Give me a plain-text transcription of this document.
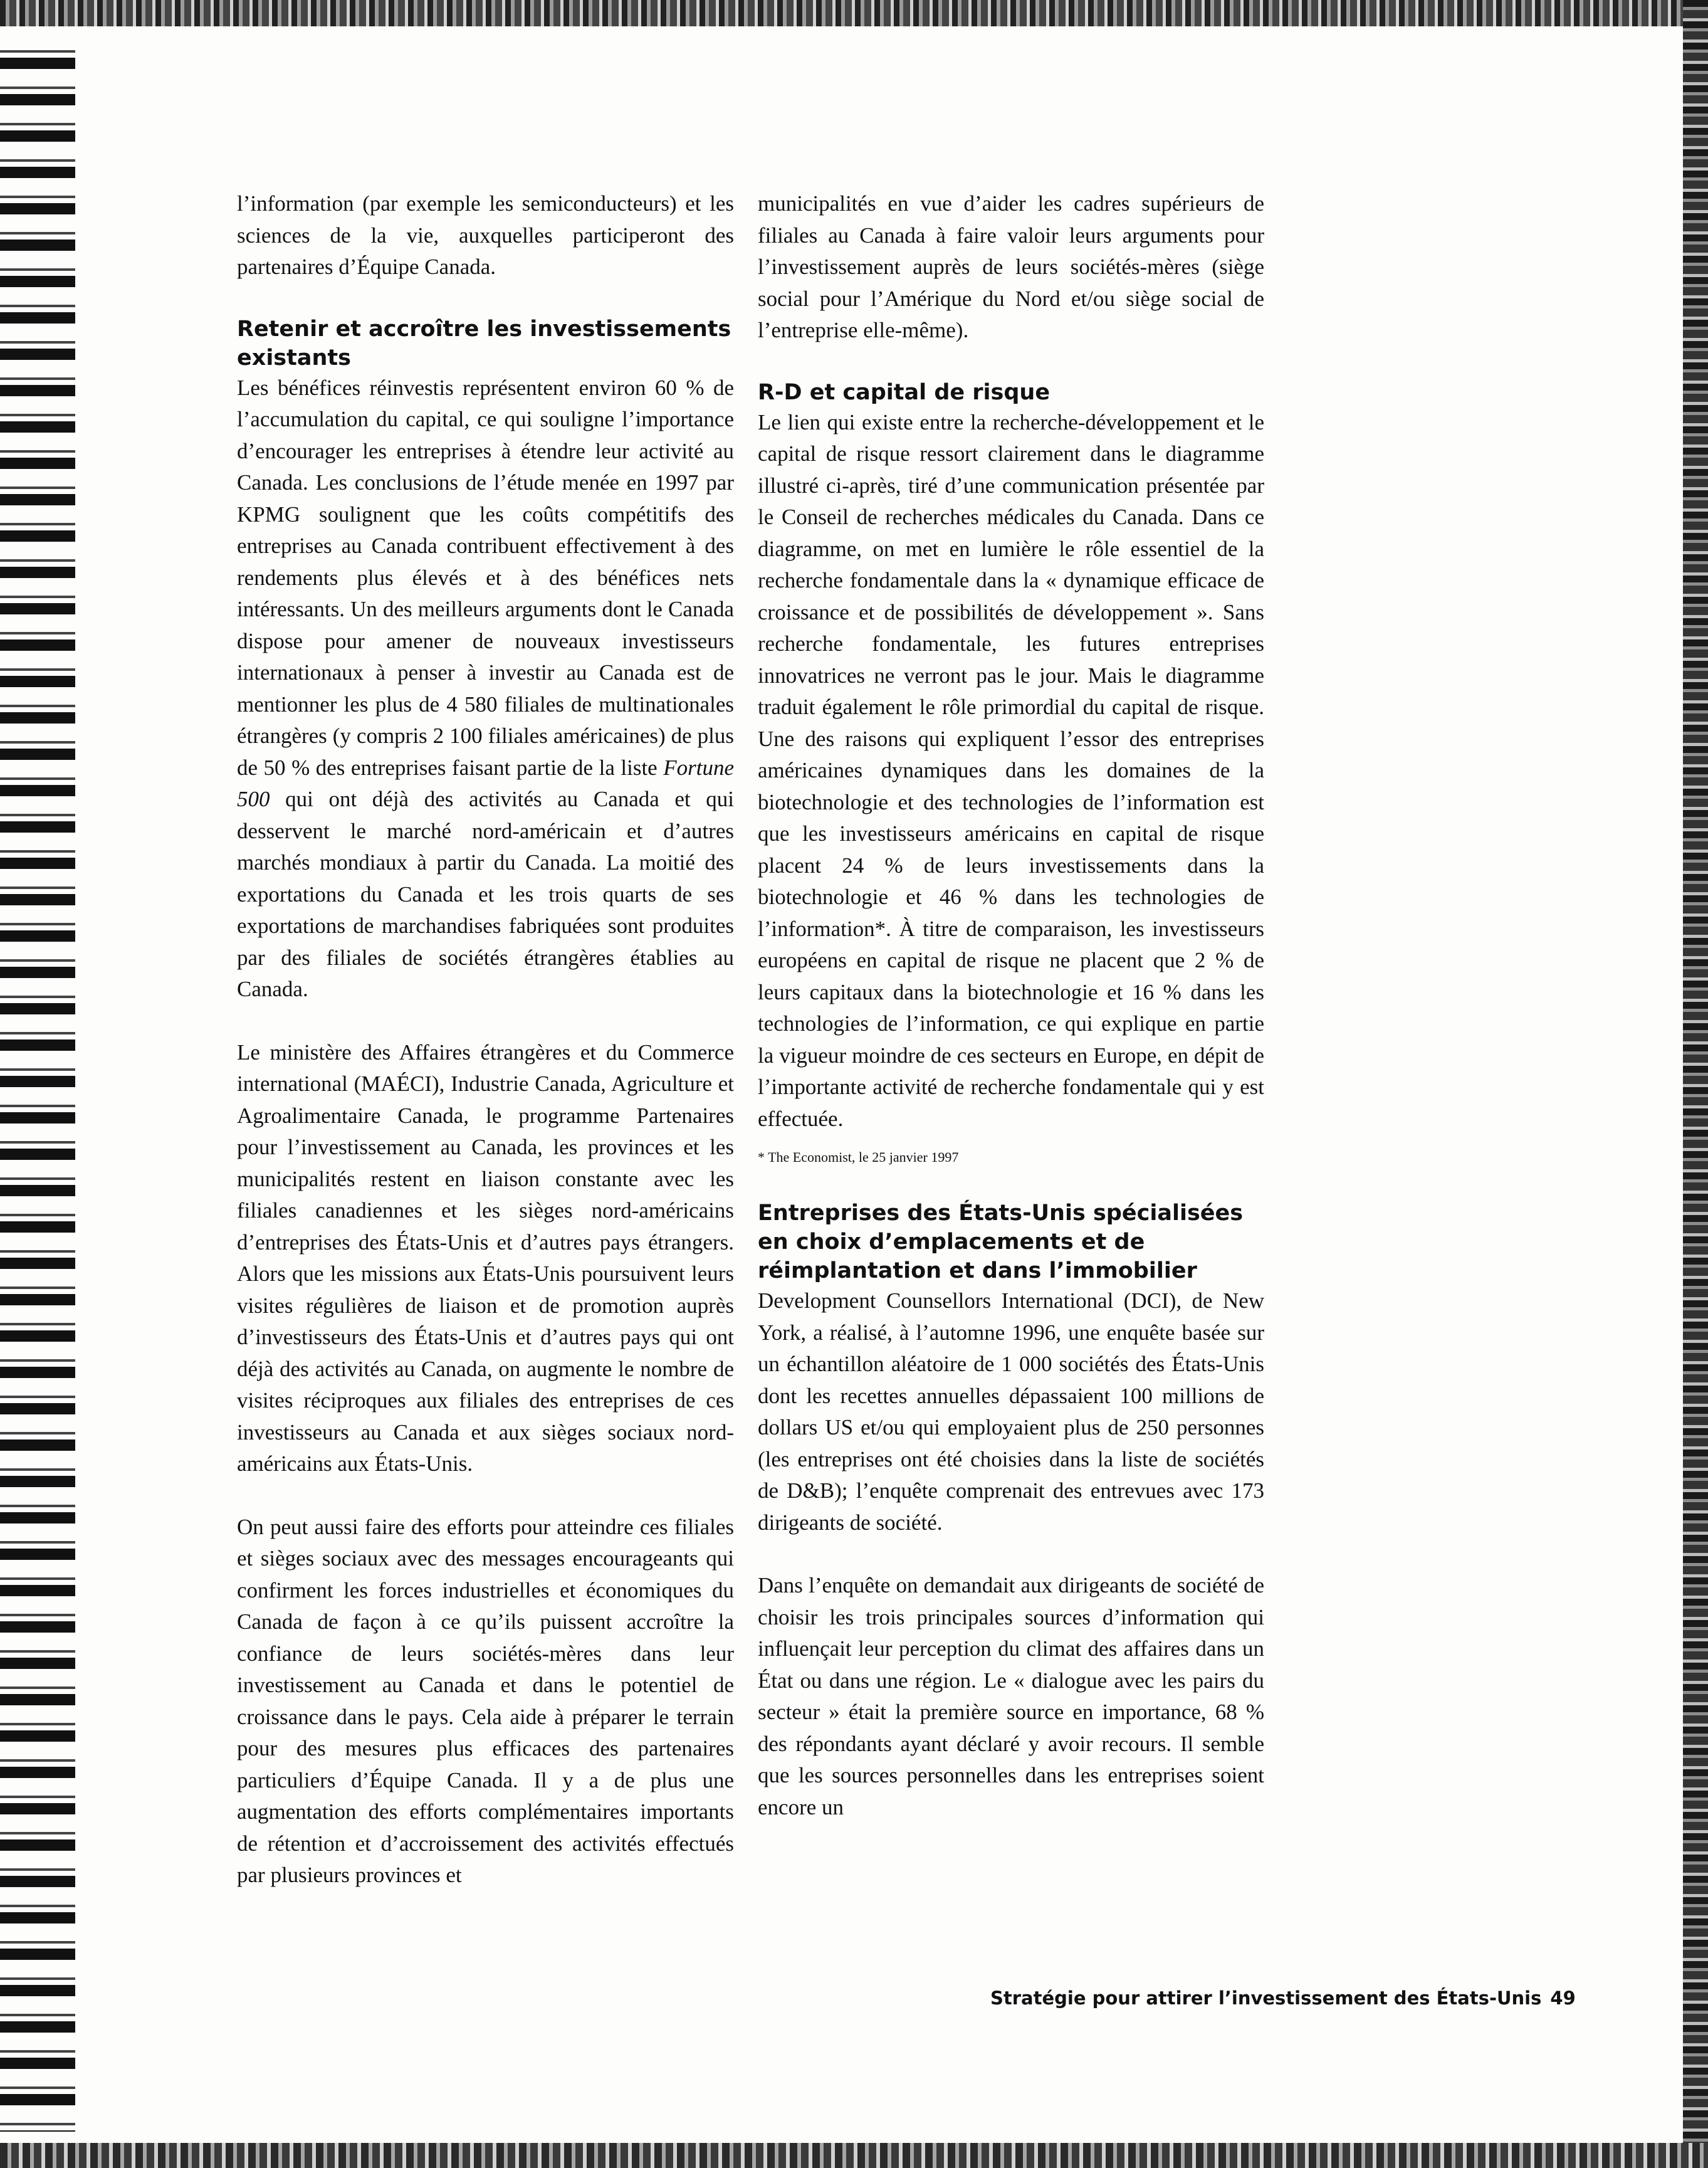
l’information (par exemple les semiconducteurs) et les sciences de la vie, auxquelles participeront des partenaires d’Équipe Canada.

Retenir et accroître les investissements existants

Les bénéfices réinvestis représentent environ 60 % de l’accumulation du capital, ce qui souligne l’importance d’encourager les entreprises à étendre leur activité au Canada. Les conclusions de l’étude menée en 1997 par KPMG soulignent que les coûts compétitifs des entreprises au Canada contribuent effectivement à des rendements plus élevés et à des bénéfices nets intéressants. Un des meilleurs arguments dont le Canada dispose pour amener de nouveaux investisseurs internationaux à penser à investir au Canada est de mentionner les plus de 4 580 filiales de multinationales étrangères (y compris 2 100 filiales américaines) de plus de 50 % des entreprises faisant partie de la liste Fortune 500 qui ont déjà des activités au Canada et qui desservent le marché nord-américain et d’autres marchés mondiaux à partir du Canada. La moitié des exportations du Canada et les trois quarts de ses exportations de marchandises fabriquées sont produites par des filiales de sociétés étrangères établies au Canada.

Le ministère des Affaires étrangères et du Commerce international (MAÉCI), Industrie Canada, Agriculture et Agroalimentaire Canada, le programme Partenaires pour l’investissement au Canada, les provinces et les municipalités restent en liaison constante avec les filiales canadiennes et les sièges nord-américains d’entreprises des États-Unis et d’autres pays étrangers. Alors que les missions aux États-Unis poursuivent leurs visites régulières de liaison et de promotion auprès d’investisseurs des États-Unis et d’autres pays qui ont déjà des activités au Canada, on augmente le nombre de visites réciproques aux filiales des entreprises de ces investisseurs au Canada et aux sièges sociaux nord-américains aux États-Unis.

On peut aussi faire des efforts pour atteindre ces filiales et sièges sociaux avec des messages encourageants qui confirment les forces industrielles et économiques du Canada de façon à ce qu’ils puissent accroître la confiance de leurs sociétés-mères dans leur investissement au Canada et dans le potentiel de croissance dans le pays. Cela aide à préparer le terrain pour des mesures plus efficaces des partenaires particuliers d’Équipe Canada. Il y a de plus une augmentation des efforts complémentaires importants de rétention et d’accroissement des activités effectués par plusieurs provinces et

municipalités en vue d’aider les cadres supérieurs de filiales au Canada à faire valoir leurs arguments pour l’investissement auprès de leurs sociétés-mères (siège social pour l’Amérique du Nord et/ou siège social de l’entreprise elle-même).

R-D et capital de risque

Le lien qui existe entre la recherche-développement et le capital de risque ressort clairement dans le diagramme illustré ci-après, tiré d’une communication présentée par le Conseil de recherches médicales du Canada. Dans ce diagramme, on met en lumière le rôle essentiel de la recherche fondamentale dans la « dynamique efficace de croissance et de possibilités de développement ». Sans recherche fondamentale, les futures entreprises innovatrices ne verront pas le jour. Mais le diagramme traduit également le rôle primordial du capital de risque. Une des raisons qui expliquent l’essor des entreprises américaines dynamiques dans les domaines de la biotechnologie et des technologies de l’information est que les investisseurs américains en capital de risque placent 24 % de leurs investissements dans la biotechnologie et 46 % dans les technologies de l’information*. À titre de comparaison, les investisseurs européens en capital de risque ne placent que 2 % de leurs capitaux dans la biotechnologie et 16 % dans les technologies de l’information, ce qui explique en partie la vigueur moindre de ces secteurs en Europe, en dépit de l’importante activité de recherche fondamentale qui y est effectuée.

* The Economist, le 25 janvier 1997

Entreprises des États-Unis spécialisées en choix d’emplacements et de réimplantation et dans l’immobilier

Development Counsellors International (DCI), de New York, a réalisé, à l’automne 1996, une enquête basée sur un échantillon aléatoire de 1 000 sociétés des États-Unis dont les recettes annuelles dépassaient 100 millions de dollars US et/ou qui employaient plus de 250 personnes (les entreprises ont été choisies dans la liste de sociétés de D&B); l’enquête comprenait des entrevues avec 173 dirigeants de société.

Dans l’enquête on demandait aux dirigeants de société de choisir les trois principales sources d’information qui influençait leur perception du climat des affaires dans un État ou dans une région. Le « dialogue avec les pairs du secteur » était la première source en importance, 68 % des répondants ayant déclaré y avoir recours. Il semble que les sources personnelles dans les entreprises soient encore un

Stratégie pour attirer l’investissement des États-Unis 49
